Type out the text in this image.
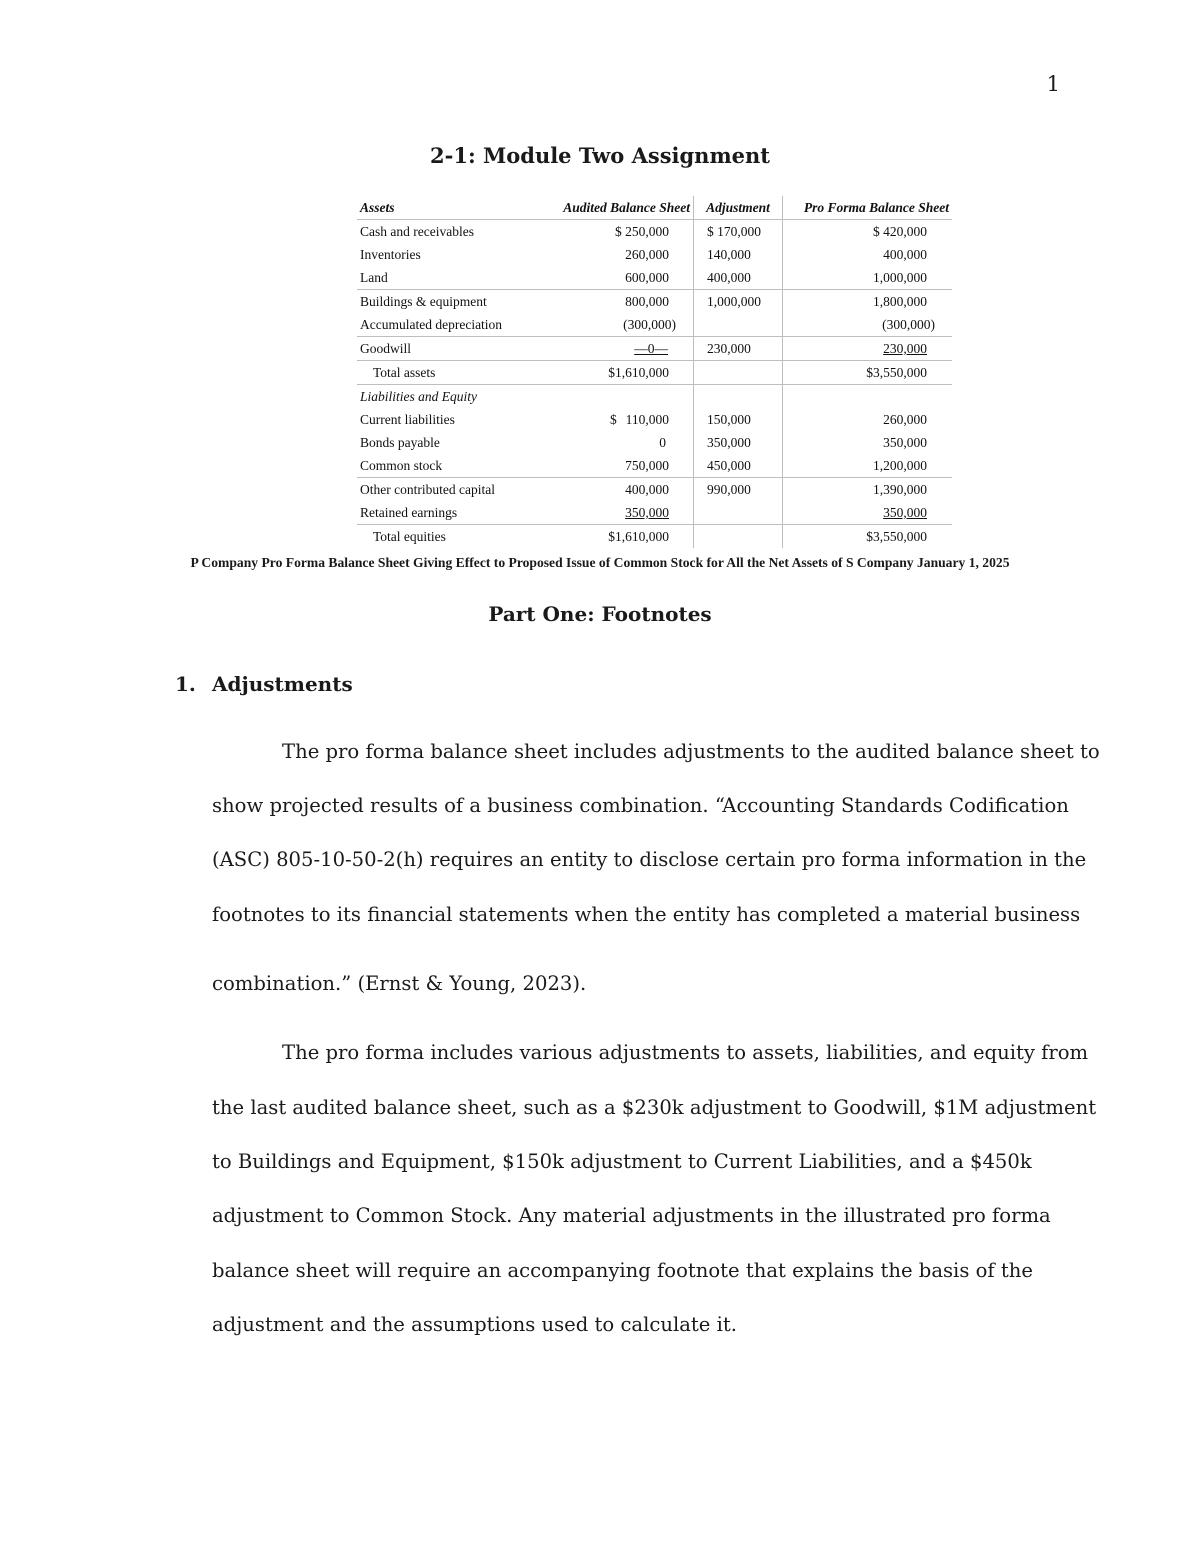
1
2-1: Module Two Assignment
Assets	Audited Balance Sheet	Adjustment	Pro Forma Balance Sheet
Cash and receivables	$ 250,000	$ 170,000	$ 420,000
Inventories	260,000	140,000	400,000
Land	600,000	400,000	1,000,000
Buildings & equipment	800,000	1,000,000	1,800,000
Accumulated depreciation	(300,000)		(300,000)
Goodwill	—0—	230,000	230,000
Total assets	$1,610,000		$3,550,000
Liabilities and Equity			
Current liabilities	$ 110,000	150,000	260,000
Bonds payable	0	350,000	350,000
Common stock	750,000	450,000	1,200,000
Other contributed capital	400,000	990,000	1,390,000
Retained earnings	350,000		350,000
Total equities	$1,610,000		$3,550,000
P Company Pro Forma Balance Sheet Giving Effect to Proposed Issue of Common Stock for All the Net Assets of S Company January 1, 2025
Part One: Footnotes
1. Adjustments
The pro forma balance sheet includes adjustments to the audited balance sheet to
show projected results of a business combination. “Accounting Standards Codification
(ASC) 805-10-50-2(h) requires an entity to disclose certain pro forma information in the
footnotes to its financial statements when the entity has completed a material business
combination.” (Ernst & Young, 2023).
The pro forma includes various adjustments to assets, liabilities, and equity from
the last audited balance sheet, such as a $230k adjustment to Goodwill, $1M adjustment
to Buildings and Equipment, $150k adjustment to Current Liabilities, and a $450k
adjustment to Common Stock. Any material adjustments in the illustrated pro forma
balance sheet will require an accompanying footnote that explains the basis of the
adjustment and the assumptions used to calculate it.
